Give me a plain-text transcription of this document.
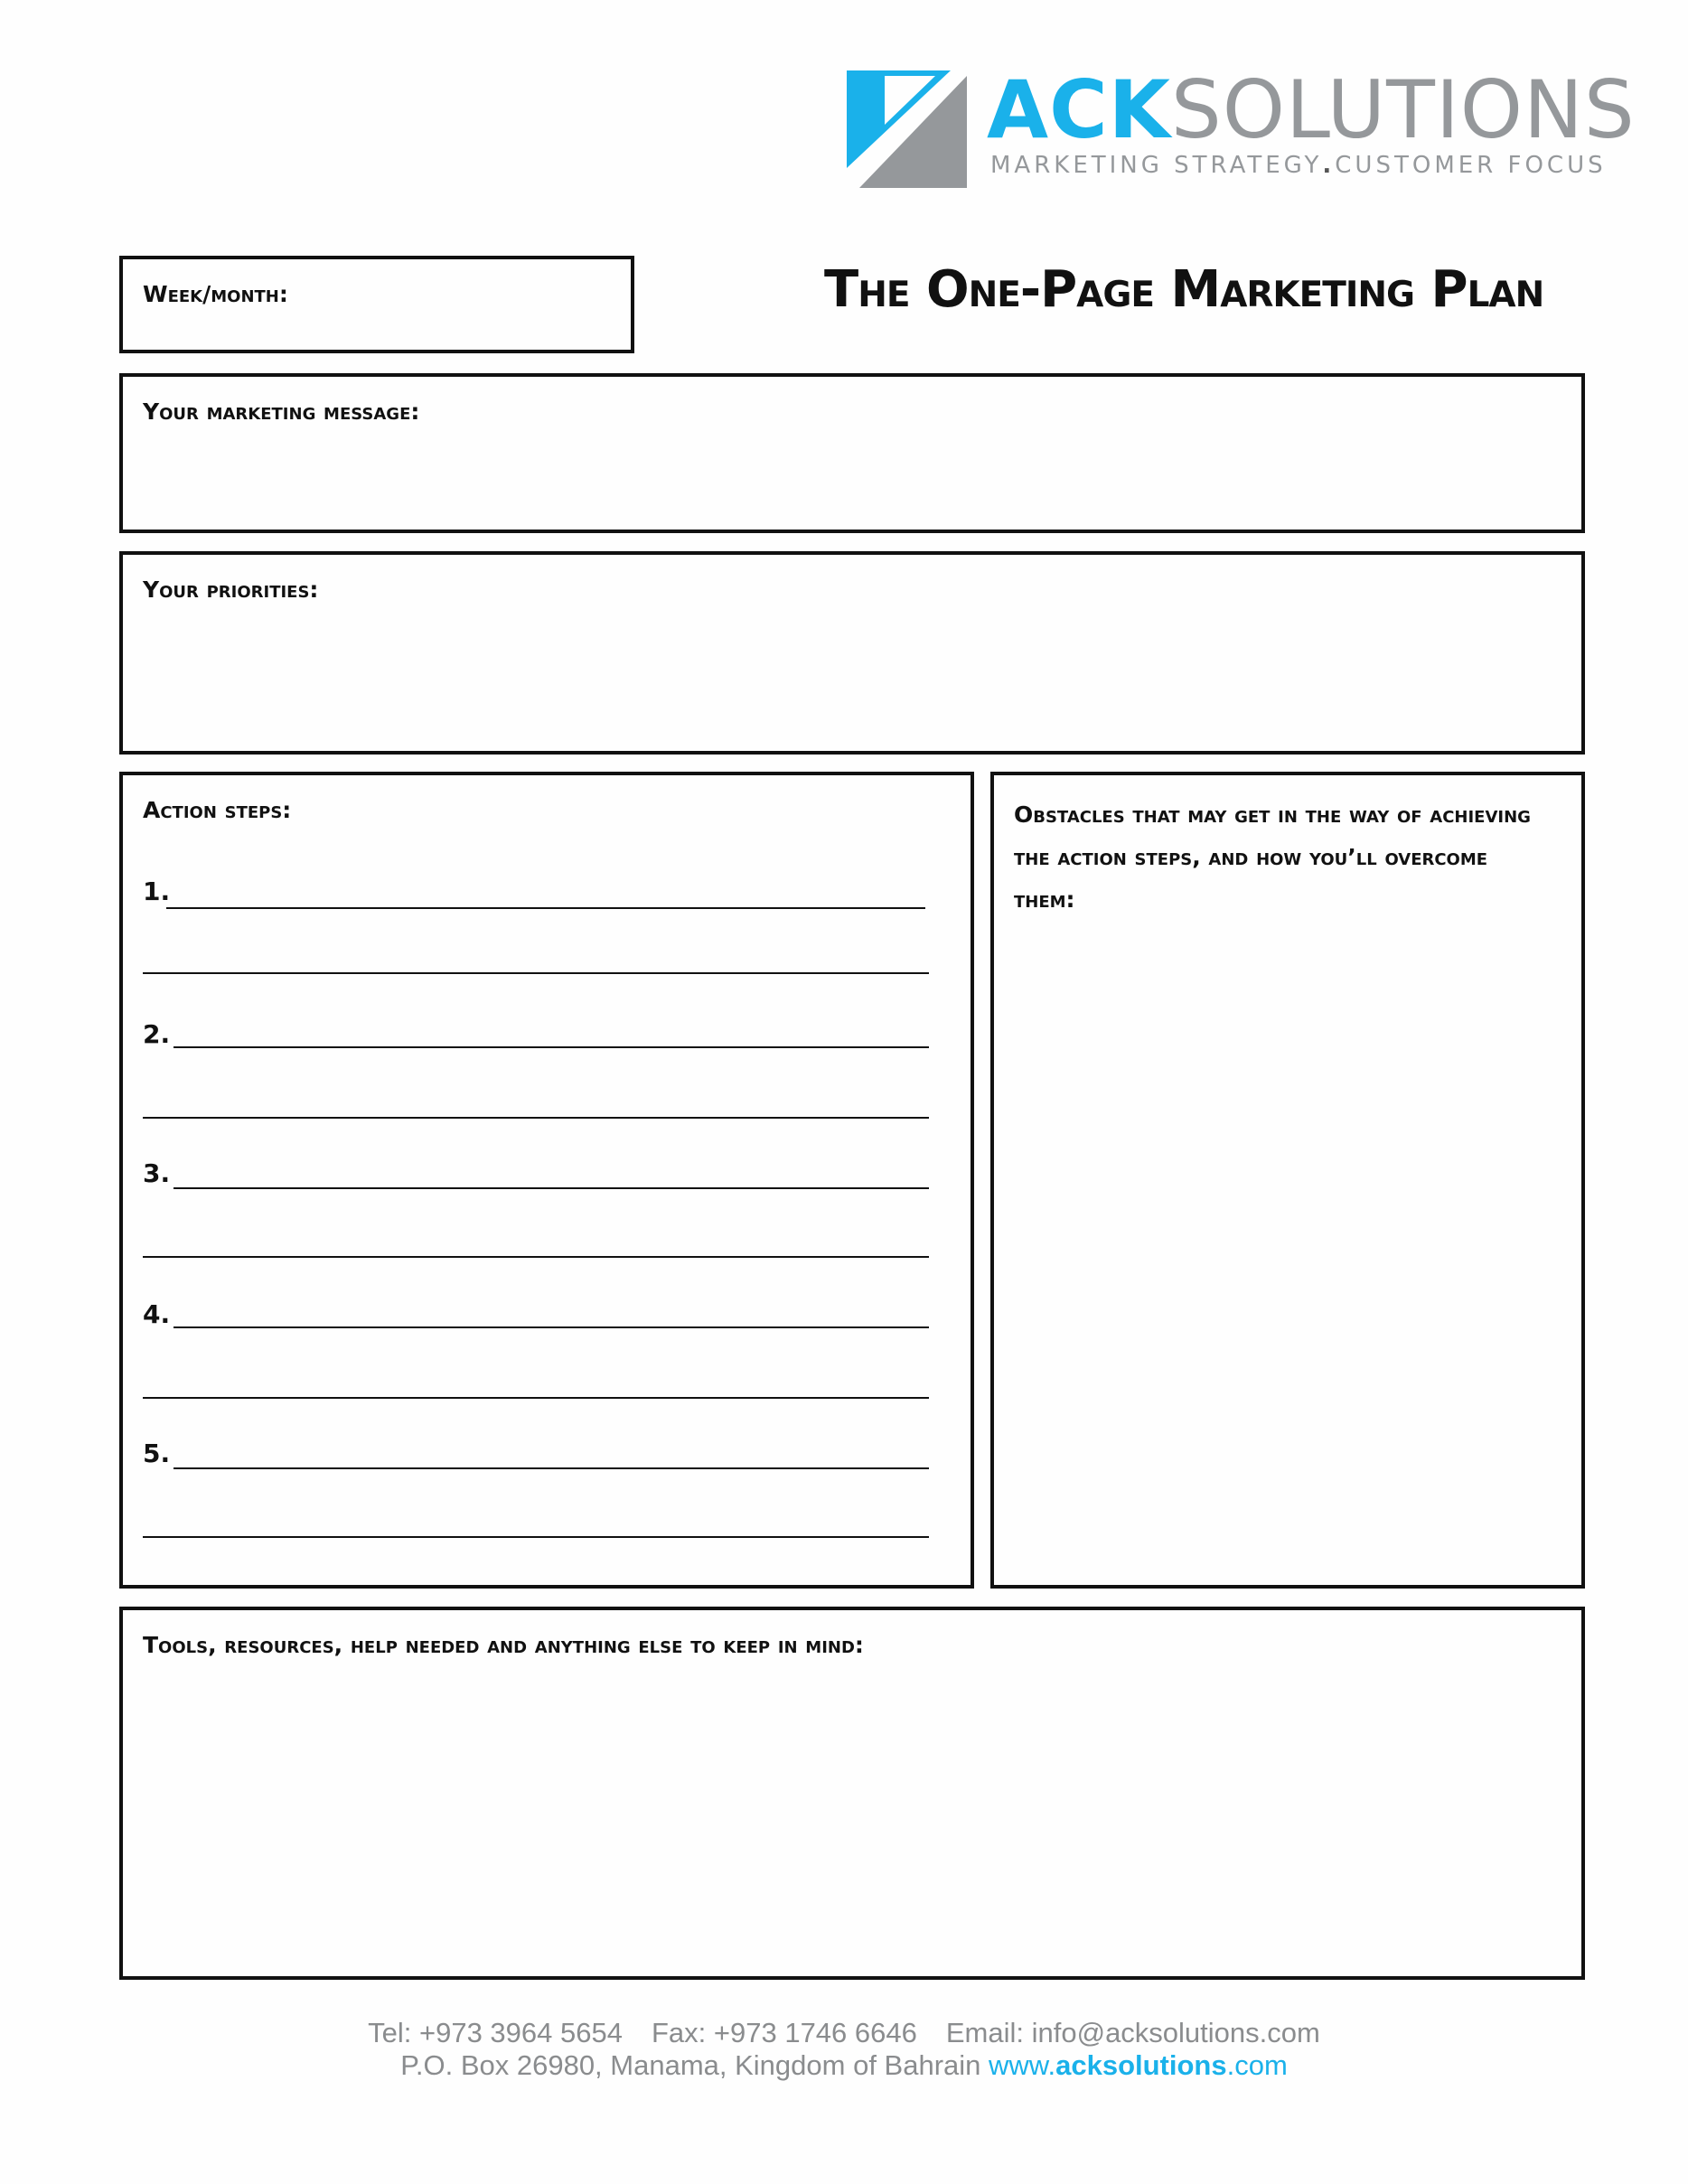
ACKSOLUTIONS
MARKETING STRATEGY.CUSTOMER FOCUS
The One-Page Marketing Plan
Week/month:
Your marketing message:
Your priorities:
Action steps:
1.
2.
3.
4.
5.
Obstacles that may get in the way of achieving the action steps, and how you’ll overcome them:
Tools, resources, help needed and anything else to keep in mind:
Tel: +973 3964 5654 Fax: +973 1746 6646 Email: info@acksolutions.com
P.O. Box 26980, Manama, Kingdom of Bahrain www.acksolutions.com
